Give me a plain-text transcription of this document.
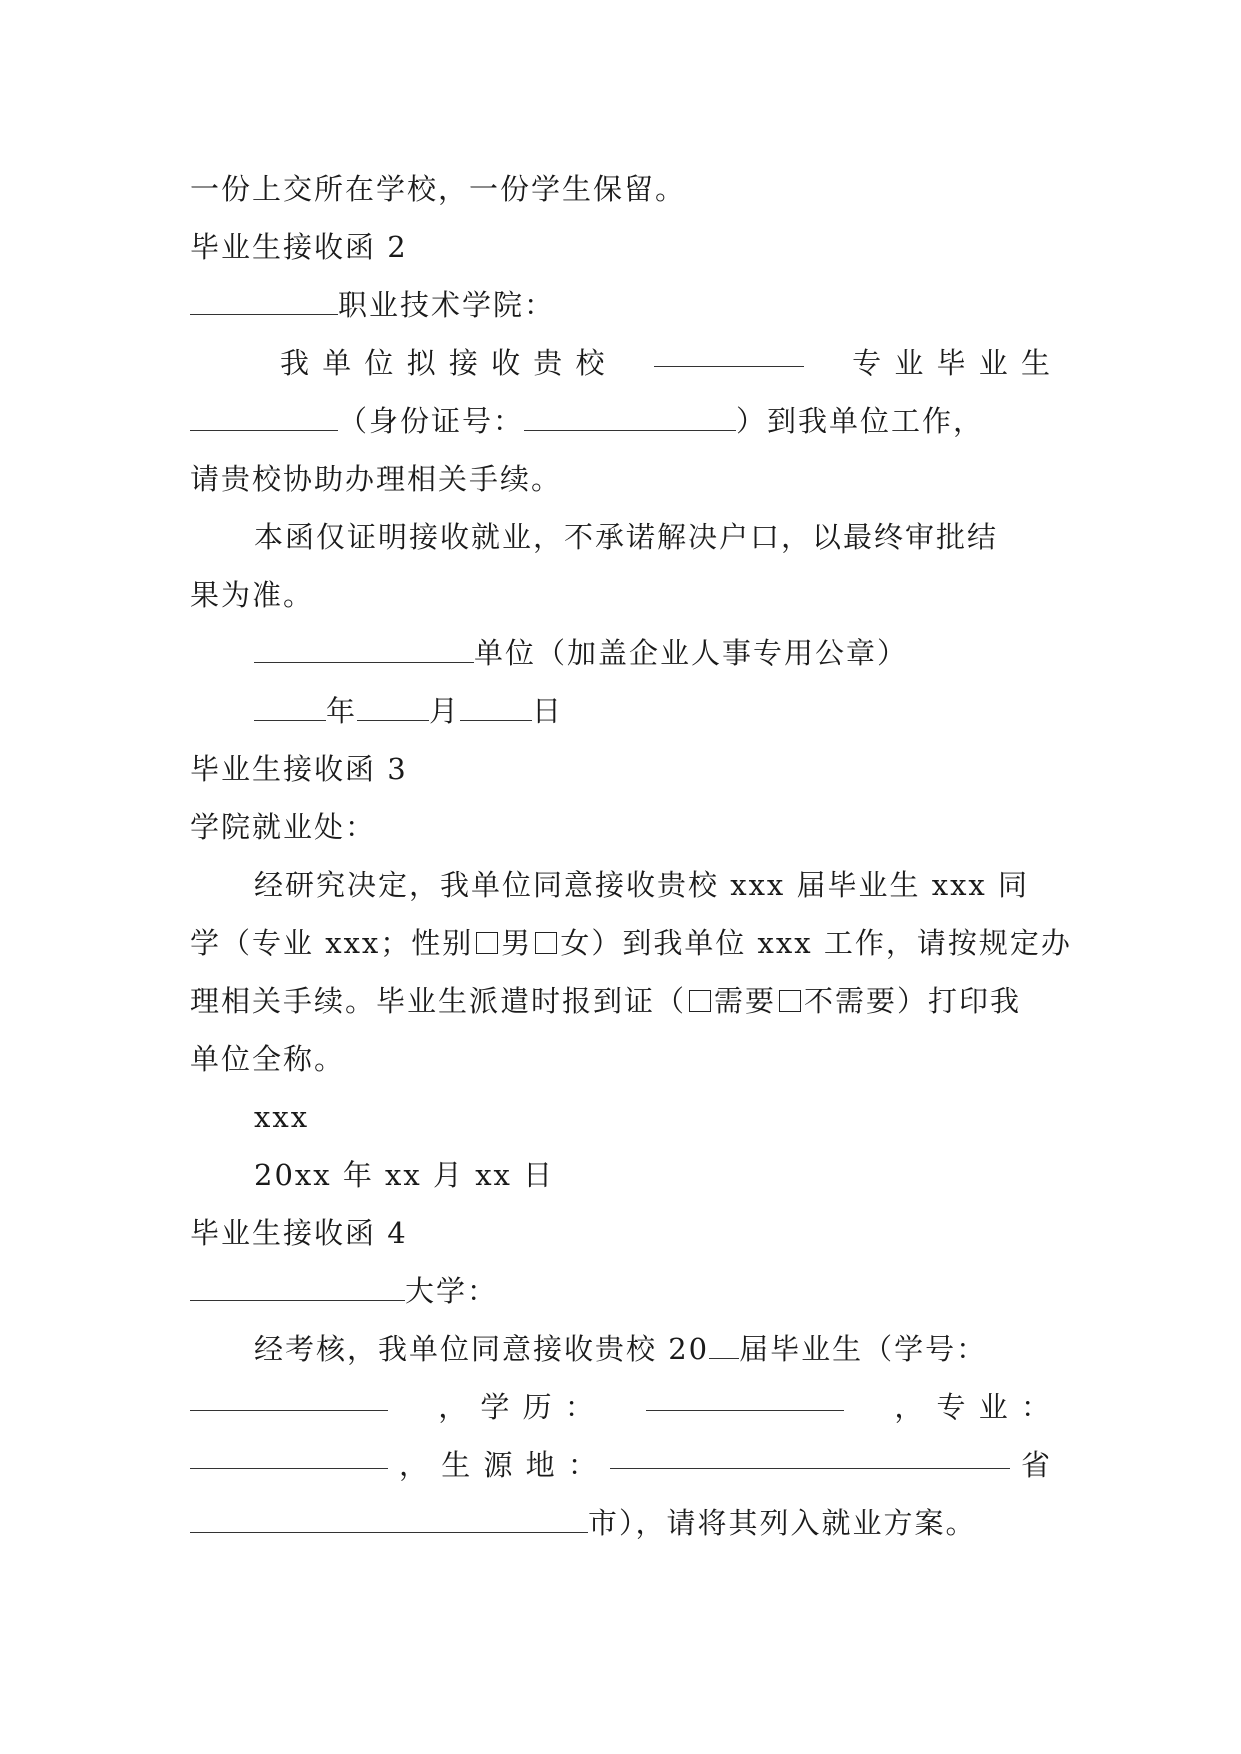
一份上交所在学校，一份学生保留。
毕业生接收函 2
职业技术学院：
我 单 位 拟 接 收 贵 校	专 业 毕 业 生
（身份证号：	）到我单位工作，
请贵校协助办理相关手续。
本函仅证明接收就业，不承诺解决户口，以最终审批结
果为准。
单位（加盖企业人事专用公章）
年 月 日
毕业生接收函 3
学院就业处：
经研究决定，我单位同意接收贵校 xxx 届毕业生 xxx 同
学（专业 xxx；性别 男 女）到我单位 xxx 工作，请按规定办
理相关手续。毕业生派遣时报到证（ 需要 不需要）打印我
单位全称。
xxx
20xx 年 xx 月 xx 日
毕业生接收函 4
大学：
经考核，我单位同意接收贵校 20 届毕业生（学号：
， 学 历 ：	， 专 业 ：
， 生 源 地 ：	省
市），请将其列入就业方案。
